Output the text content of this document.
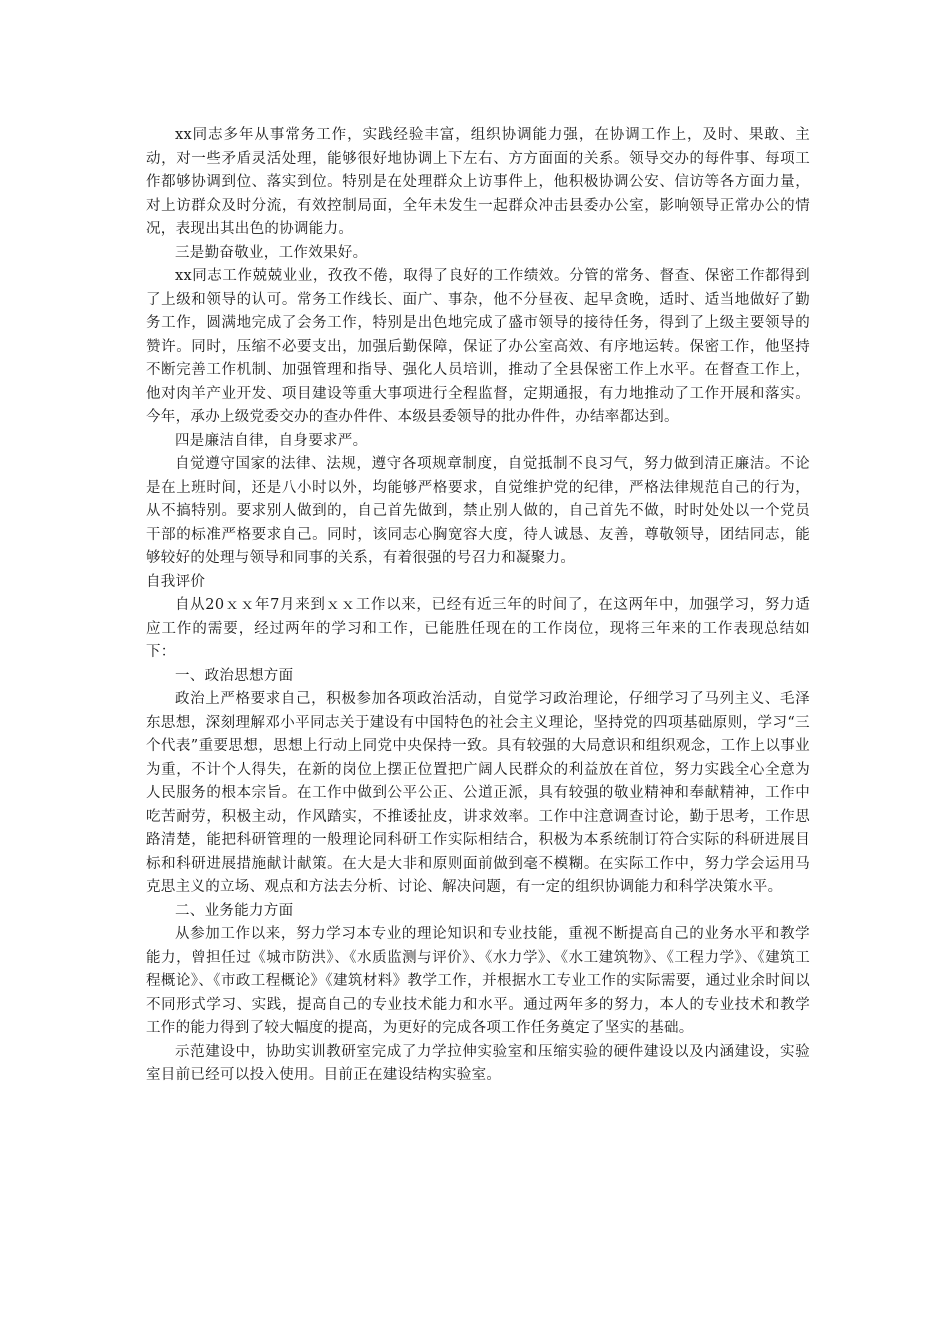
xx同志多年从事常务工作，实践经验丰富，组织协调能力强，在协调工作上，及时、果敢、主动，对一些矛盾灵活处理，能够很好地协调上下左右、方方面面的关系。领导交办的每件事、每项工作都够协调到位、落实到位。特别是在处理群众上访事件上，他积极协调公安、信访等各方面力量，对上访群众及时分流，有效控制局面，全年未发生一起群众冲击县委办公室，影响领导正常办公的情况，表现出其出色的协调能力。

三是勤奋敬业，工作效果好。

xx同志工作兢兢业业，孜孜不倦，取得了良好的工作绩效。分管的常务、督查、保密工作都得到了上级和领导的认可。常务工作线长、面广、事杂，他不分昼夜、起早贪晚，适时、适当地做好了勤务工作，圆满地完成了会务工作，特别是出色地完成了盛市领导的接待任务，得到了上级主要领导的赞许。同时，压缩不必要支出，加强后勤保障，保证了办公室高效、有序地运转。保密工作，他坚持不断完善工作机制、加强管理和指导、强化人员培训，推动了全县保密工作上水平。在督查工作上，他对肉羊产业开发、项目建设等重大事项进行全程监督，定期通报，有力地推动了工作开展和落实。今年，承办上级党委交办的查办件件、本级县委领导的批办件件，办结率都达到。

四是廉洁自律，自身要求严。

自觉遵守国家的法律、法规，遵守各项规章制度，自觉抵制不良习气，努力做到清正廉洁。不论是在上班时间，还是八小时以外，均能够严格要求，自觉维护党的纪律，严格法律规范自己的行为，从不搞特别。要求别人做到的，自己首先做到，禁止别人做的，自己首先不做，时时处处以一个党员干部的标准严格要求自己。同时，该同志心胸宽容大度，待人诚恳、友善，尊敬领导，团结同志，能够较好的处理与领导和同事的关系，有着很强的号召力和凝聚力。

自我评价

自从20ｘｘ年7月来到ｘｘ工作以来，已经有近三年的时间了，在这两年中，加强学习，努力适应工作的需要，经过两年的学习和工作，已能胜任现在的工作岗位，现将三年来的工作表现总结如下：

一、政治思想方面

政治上严格要求自己，积极参加各项政治活动，自觉学习政治理论，仔细学习了马列主义、毛泽东思想，深刻理解邓小平同志关于建设有中国特色的社会主义理论，坚持党的四项基础原则，学习“三个代表”重要思想，思想上行动上同党中央保持一致。具有较强的大局意识和组织观念，工作上以事业为重，不计个人得失，在新的岗位上摆正位置把广阔人民群众的利益放在首位，努力实践全心全意为人民服务的根本宗旨。在工作中做到公平公正、公道正派，具有较强的敬业精神和奉献精神，工作中吃苦耐劳，积极主动，作风踏实，不推诿扯皮，讲求效率。工作中注意调查讨论，勤于思考，工作思路清楚，能把科研管理的一般理论同科研工作实际相结合，积极为本系统制订符合实际的科研进展目标和科研进展措施献计献策。在大是大非和原则面前做到毫不模糊。在实际工作中，努力学会运用马克思主义的立场、观点和方法去分析、讨论、解决问题，有一定的组织协调能力和科学决策水平。

二、业务能力方面

从参加工作以来，努力学习本专业的理论知识和专业技能，重视不断提高自己的业务水平和教学能力，曾担任过《城市防洪》、《水质监测与评价》、《水力学》、《水工建筑物》、《工程力学》、《建筑工程概论》、《市政工程概论》《建筑材料》教学工作，并根据水工专业工作的实际需要，通过业余时间以不同形式学习、实践，提高自己的专业技术能力和水平。通过两年多的努力，本人的专业技术和教学工作的能力得到了较大幅度的提高，为更好的完成各项工作任务奠定了坚实的基础。

示范建设中，协助实训教研室完成了力学拉伸实验室和压缩实验的硬件建设以及内涵建设，实验室目前已经可以投入使用。目前正在建设结构实验室。
